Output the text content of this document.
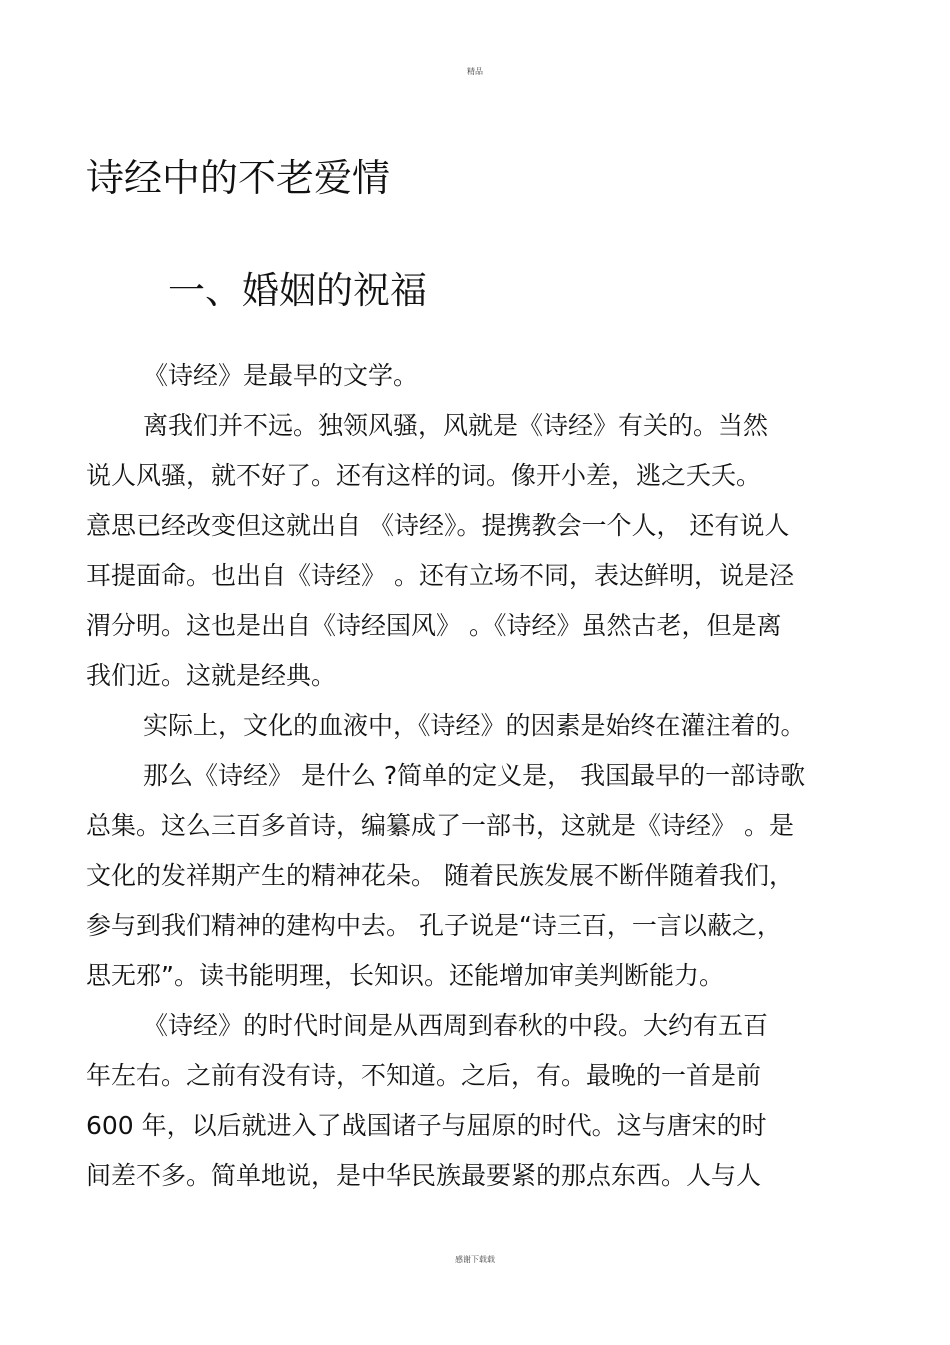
精品
诗经中的不老爱情
一、婚姻的祝福

《诗经》是最早的文学。

离我们并不远。独领风骚，风就是《诗经》有关的。当然

说人风骚，就不好了。还有这样的词。像开小差，逃之夭夭。

意思已经改变但这就出自 《诗经》。提携教会一个人， 还有说人

耳提面命。也出自《诗经》 。还有立场不同，表达鲜明，说是泾

渭分明。这也是出自《诗经国风》 。《诗经》虽然古老，但是离

我们近。这就是经典。

实际上，文化的血液中，《诗经》的因素是始终在灌注着的。

那么《诗经》 是什么 ?简单的定义是， 我国最早的一部诗歌

总集。这么三百多首诗，编纂成了一部书，这就是《诗经》 。是

文化的发祥期产生的精神花朵。 随着民族发展不断伴随着我们，

参与到我们精神的建构中去。 孔子说是“诗三百，一言以蔽之，

思无邪”。读书能明理，长知识。还能增加审美判断能力。

《诗经》的时代时间是从西周到春秋的中段。大约有五百

年左右。之前有没有诗，不知道。之后，有。最晚的一首是前

600 年，以后就进入了战国诸子与屈原的时代。这与唐宋的时

间差不多。简单地说，是中华民族最要紧的那点东西。人与人

感谢下载载
